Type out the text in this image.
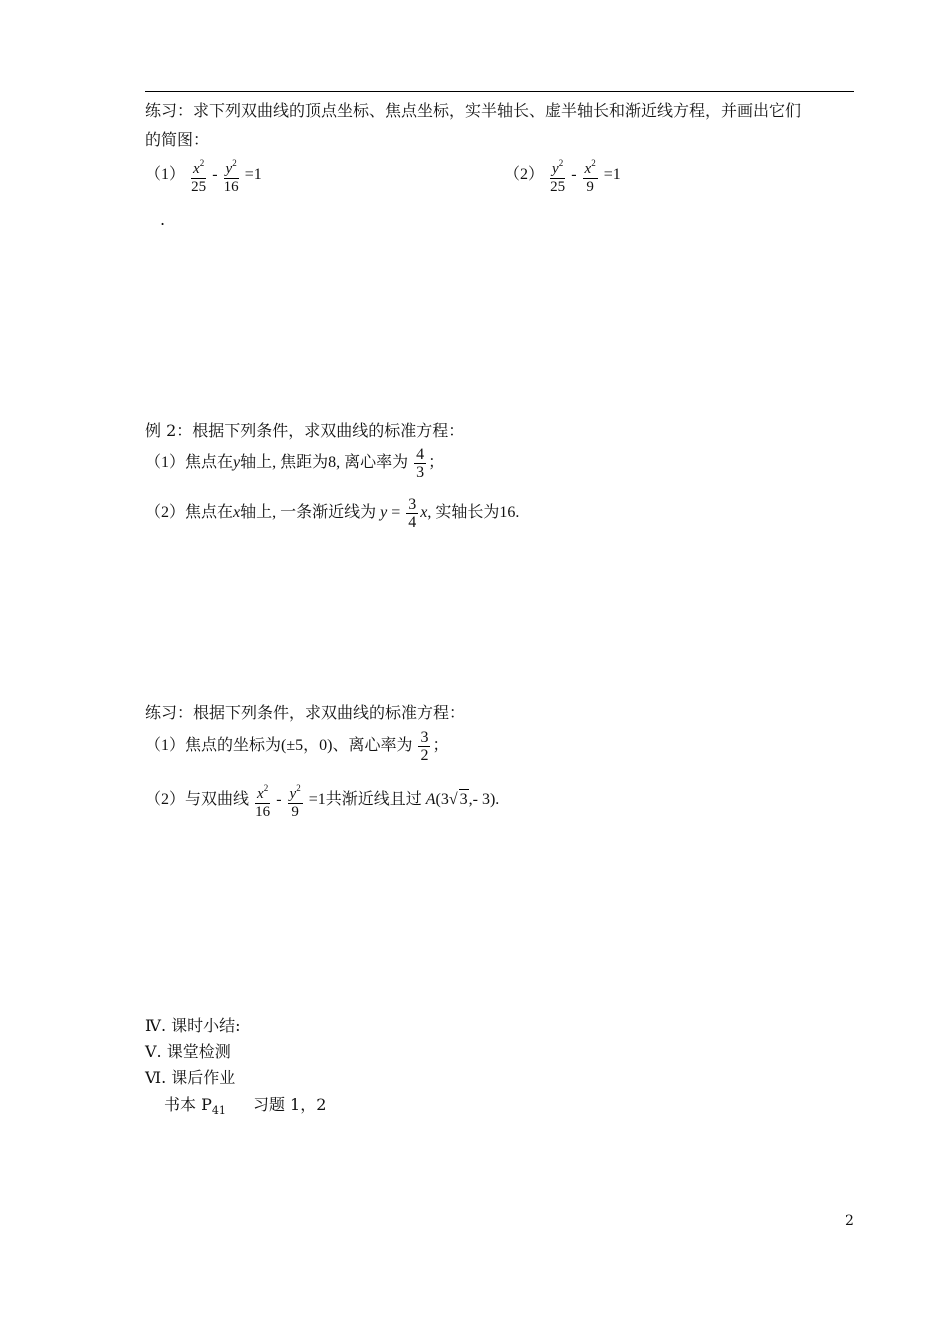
练习：求下列双曲线的顶点坐标、焦点坐标，实半轴长、虚半轴长和渐近线方程，并画出它们
的简图：
$(1) \frac{x^2}{25} - \frac{y^2}{16} =1$	$(2) \frac{y^2}{25} - \frac{x^2}{9} =1$
.
例 2：根据下列条件，求双曲线的标准方程：
（1）焦点在y轴上, 焦距为8, 离心率为 $\frac{4}{3}$ ；
（2）焦点在x轴上, 一条渐近线为 $y = \frac{3}{4} x$, 实轴长为16.
练习：根据下列条件，求双曲线的标准方程：
（1）焦点的坐标为(±5，0)、离心率为 $\frac{3}{2}$ ；
（2）与双曲线 $\frac{x^2}{16} - \frac{y^2}{9} =1$共渐近线且过 A(3√ 3,- 3).
Ⅳ. 课时小结:
Ⅴ. 课堂检测
Ⅵ. 课后作业
书本 $P_{41}$ 习题 1，2
2
